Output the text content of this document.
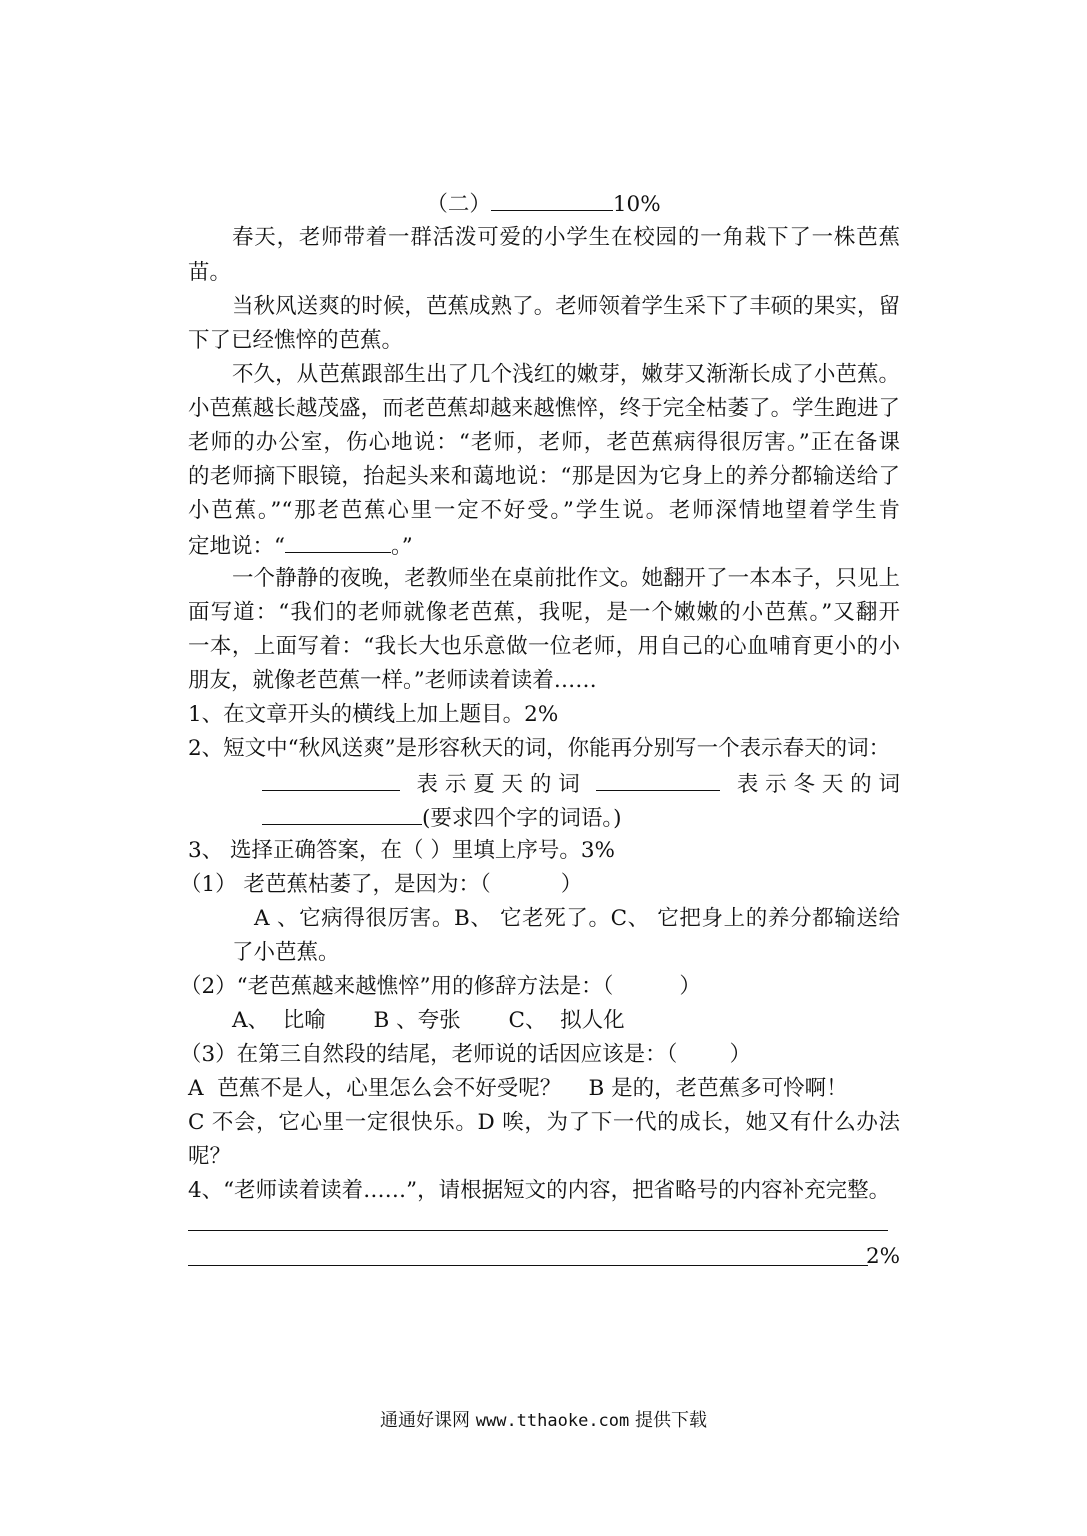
（二）	10%
春天，老师带着一群活泼可爱的小学生在校园的一角栽下了一株芭蕉
苗。
当秋风送爽的时候，芭蕉成熟了。老师领着学生采下了丰硕的果实，留
下了已经憔悴的芭蕉。
不久，从芭蕉跟部生出了几个浅红的嫩芽，嫩芽又渐渐长成了小芭蕉。
小芭蕉越长越茂盛，而老芭蕉却越来越憔悴，终于完全枯萎了。学生跑进了
老师的办公室，伤心地说：“老师，老师，老芭蕉病得很厉害。”正在备课
的老师摘下眼镜，抬起头来和蔼地说：“那是因为它身上的养分都输送给了
小芭蕉。”“那老芭蕉心里一定不好受。”学生说。老师深情地望着学生肯
定地说：“	。”
一个静静的夜晚，老教师坐在桌前批作文。她翻开了一本本子，只见上
面写道：“我们的老师就像老芭蕉，我呢，是一个嫩嫩的小芭蕉。”又翻开
一本，上面写着：“我长大也乐意做一位老师，用自己的心血哺育更小的小
朋友，就像老芭蕉一样。”老师读着读着……
1、在文章开头的横线上加上题目。2%
2、短文中“秋风送爽”是形容秋天的词，你能再分别写一个表示春天的词：
表 示 夏 天 的 词	表 示 冬 天 的 词
(要求四个字的词语。)
3、 选择正确答案，在（ ）里填上序号。3%
（1） 老芭蕉枯萎了，是因为：（	）
A 、它病得很厉害。B、 它老死了。C、 它把身上的养分都输送给
了小芭蕉。
（2）“老芭蕉越来越憔悴”用的修辞方法是：（	）
A、  比喻       B 、夸张       C、  拟人化
（3）在第三自然段的结尾，老师说的话因应该是：（ ）
A  芭蕉不是人，心里怎么会不好受呢？    B 是的，老芭蕉多可怜啊！
C 不会，它心里一定很快乐。D 唉，为了下一代的成长，她又有什么办法
呢？
4、“老师读着读着……”，请根据短文的内容，把省略号的内容补充完整。
2%
通通好课网 www.tthaoke.com 提供下载
